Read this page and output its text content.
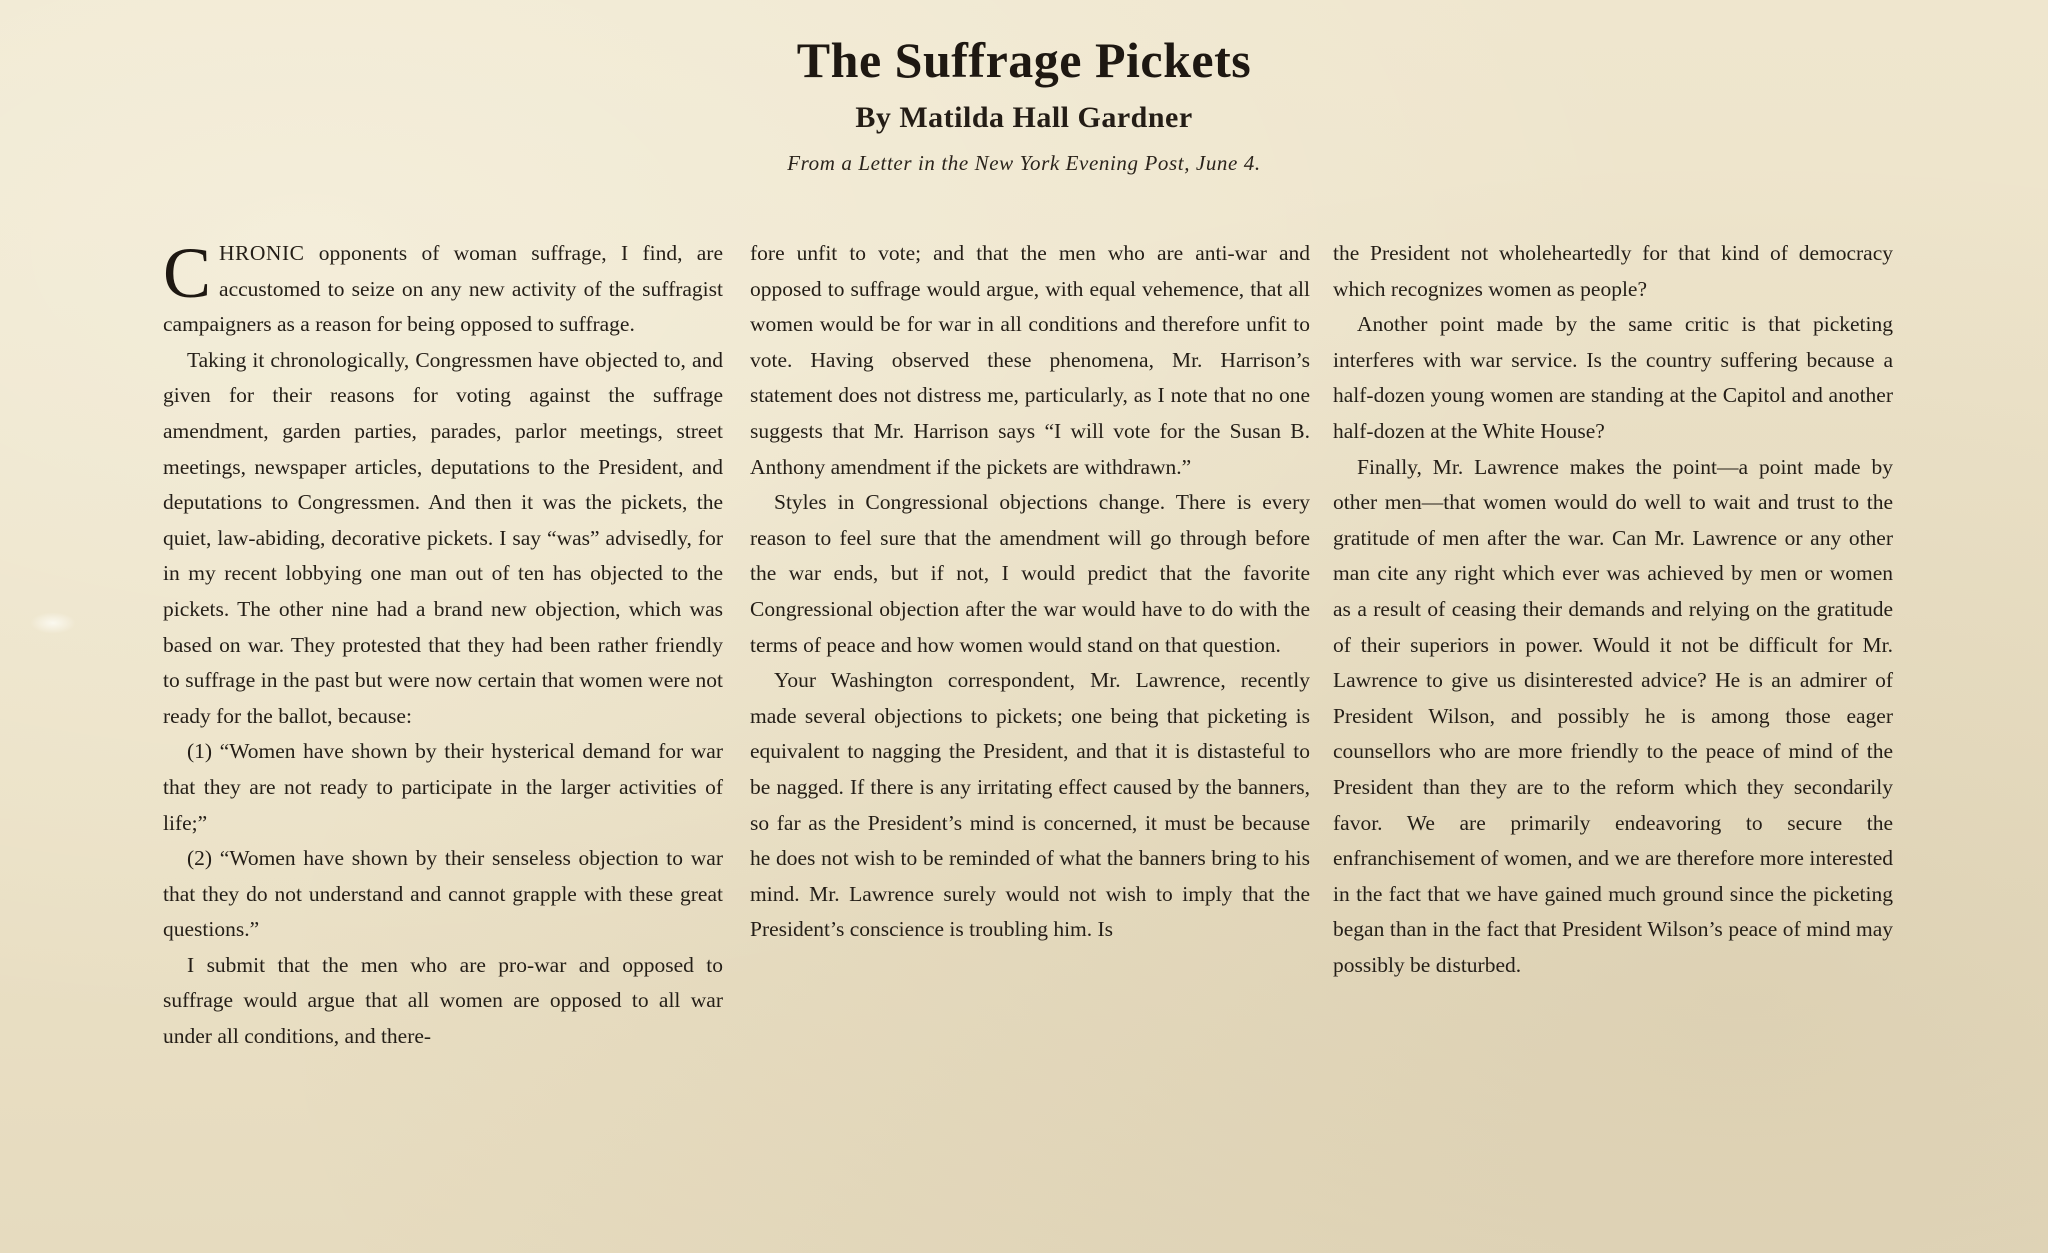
The Suffrage Pickets
By Matilda Hall Gardner
From a Letter in the New York Evening Post, June 4.

CHRONIC opponents of woman suffrage, I find, are accustomed to seize on any new activity of the suffragist campaigners as a reason for being opposed to suffrage.

Taking it chronologically, Congressmen have objected to, and given for their reasons for voting against the suffrage amendment, garden parties, parades, parlor meetings, street meetings, newspaper articles, deputations to the President, and deputations to Congressmen. And then it was the pickets, the quiet, law-abiding, decorative pickets. I say “was” advisedly, for in my recent lobbying one man out of ten has objected to the pickets. The other nine had a brand new objection, which was based on war. They protested that they had been rather friendly to suffrage in the past but were now certain that women were not ready for the ballot, because:

(1) “Women have shown by their hysterical demand for war that they are not ready to participate in the larger activities of life;”

(2) “Women have shown by their senseless objection to war that they do not understand and cannot grapple with these great questions.”

I submit that the men who are pro-war and opposed to suffrage would argue that all women are opposed to all war under all conditions, and there-

fore unfit to vote; and that the men who are anti-war and opposed to suffrage would argue, with equal vehemence, that all women would be for war in all conditions and therefore unfit to vote. Having observed these phenomena, Mr. Harrison’s statement does not distress me, particularly, as I note that no one suggests that Mr. Harrison says “I will vote for the Susan B. Anthony amendment if the pickets are withdrawn.”

Styles in Congressional objections change. There is every reason to feel sure that the amendment will go through before the war ends, but if not, I would predict that the favorite Congressional objection after the war would have to do with the terms of peace and how women would stand on that question.

Your Washington correspondent, Mr. Lawrence, recently made several objections to pickets; one being that picketing is equivalent to nagging the President, and that it is distasteful to be nagged. If there is any irritating effect caused by the banners, so far as the President’s mind is concerned, it must be because he does not wish to be reminded of what the banners bring to his mind. Mr. Lawrence surely would not wish to imply that the President’s conscience is troubling him. Is

the President not wholeheartedly for that kind of democracy which recognizes women as people?

Another point made by the same critic is that picketing interferes with war service. Is the country suffering because a half-dozen young women are standing at the Capitol and another half-dozen at the White House?

Finally, Mr. Lawrence makes the point—a point made by other men—that women would do well to wait and trust to the gratitude of men after the war. Can Mr. Lawrence or any other man cite any right which ever was achieved by men or women as a result of ceasing their demands and relying on the gratitude of their superiors in power. Would it not be difficult for Mr. Lawrence to give us disinterested advice? He is an admirer of President Wilson, and possibly he is among those eager counsellors who are more friendly to the peace of mind of the President than they are to the reform which they secondarily favor. We are primarily endeavoring to secure the enfranchisement of women, and we are therefore more interested in the fact that we have gained much ground since the picketing began than in the fact that President Wilson’s peace of mind may possibly be disturbed.
